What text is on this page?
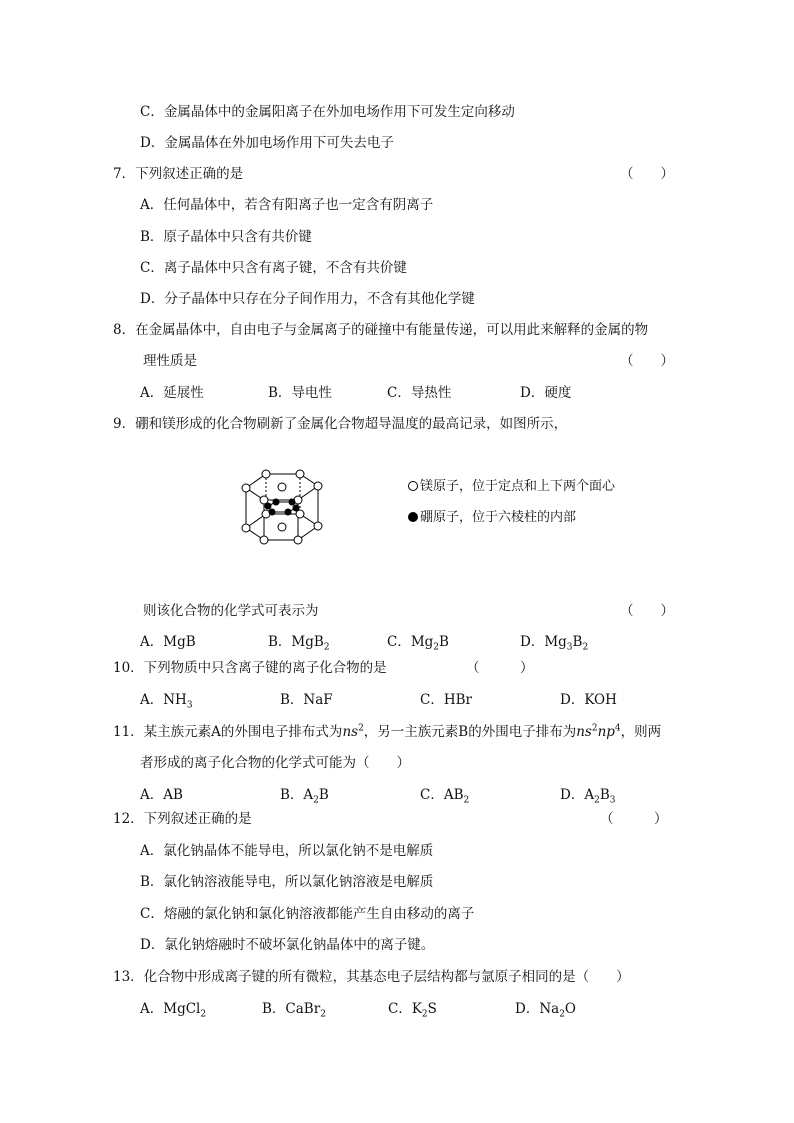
C．金属晶体中的金属阳离子在外加电场作用下可发生定向移动
D．金属晶体在外加电场作用下可失去电子
7．下列叙述正确的是	（　　）
A．任何晶体中，若含有阳离子也一定含有阴离子
B．原子晶体中只含有共价键
C．离子晶体中只含有离子键，不含有共价键
D．分子晶体中只存在分子间作用力，不含有其他化学键
8．在金属晶体中，自由电子与金属离子的碰撞中有能量传递，可以用此来解释的金属的物
理性质是	（　　）
A．延展性	B．导电性	C．导热性	D．硬度
9．硼和镁形成的化合物刷新了金属化合物超导温度的最高记录，如图所示，
镁原子，位于定点和上下两个面心
硼原子，位于六棱柱的内部
则该化合物的化学式可表示为	（　　）
A．MgB	B．MgB$_2$	C．$Mg_2B$	D．$Mg_3B_2$
10．下列物质中只含离子键的离子化合物的是	（　　　）
A．$NH_3$	B．NaF	C．HBr	D．KOH
11．某主族元素A的外围电子排布式为$ns^2$，另一主族元素B的外围电子排布为$ns^2np^4$，则两
者形成的离子化合物的化学式可能为（　　）
A．AB	B．$A_2B$	C．$AB_2$	D．$A_2B_3$
12．下列叙述正确的是	（　　　）
A．氯化钠晶体不能导电，所以氯化钠不是电解质
B．氯化钠溶液能导电，所以氯化钠溶液是电解质
C．熔融的氯化钠和氯化钠溶液都能产生自由移动的离子
D．氯化钠熔融时不破坏氯化钠晶体中的离子键。
13．化合物中形成离子键的所有微粒，其基态电子层结构都与氩原子相同的是（　　）
A．MgCl$_2$	B．CaBr$_2$	C．$K_2S$	D．$Na_2O$
